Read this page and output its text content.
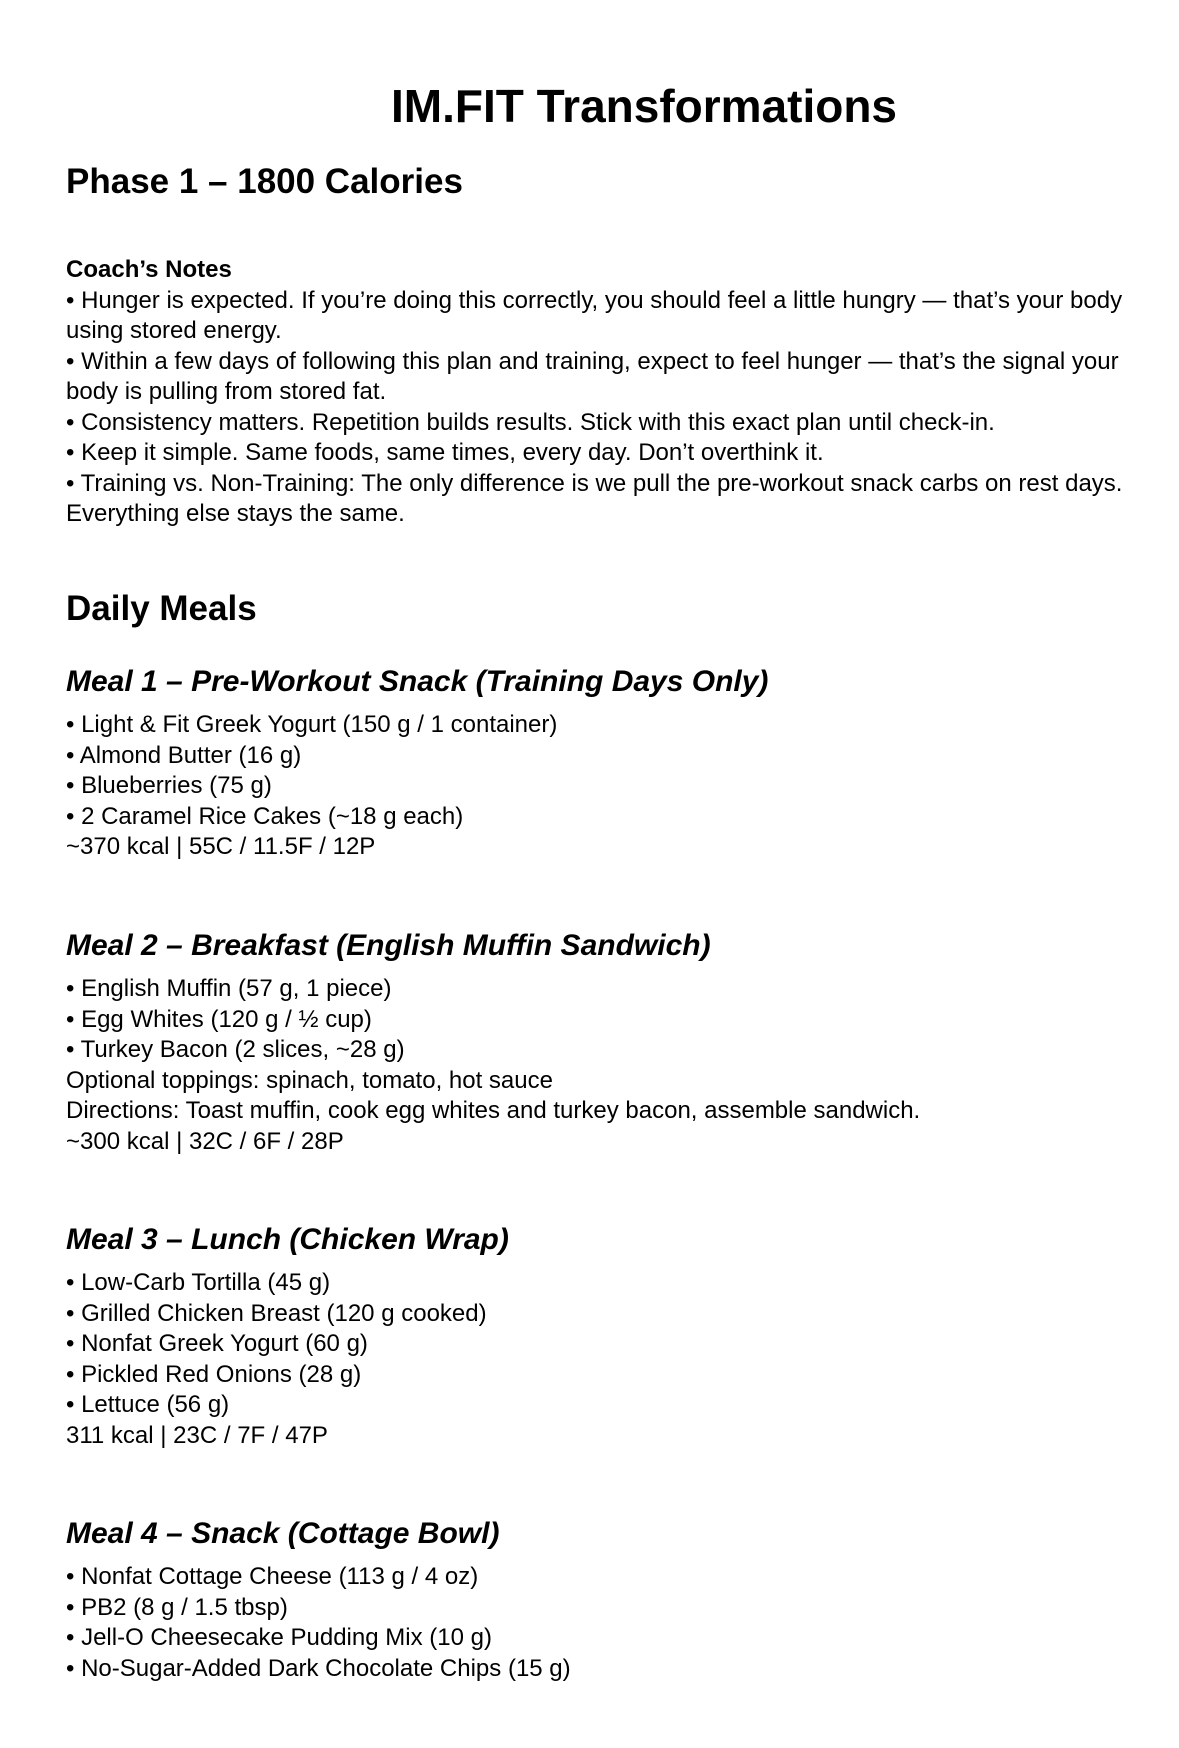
IM.FIT Transformations
Phase 1 – 1800 Calories

Coach’s Notes

• Hunger is expected. If you’re doing this correctly, you should feel a little hungry — that’s your body

using stored energy.

• Within a few days of following this plan and training, expect to feel hunger — that’s the signal your

body is pulling from stored fat.

• Consistency matters. Repetition builds results. Stick with this exact plan until check-in.

• Keep it simple. Same foods, same times, every day. Don’t overthink it.

• Training vs. Non-Training: The only difference is we pull the pre-workout snack carbs on rest days.

Everything else stays the same.

Daily Meals
Meal 1 – Pre-Workout Snack (Training Days Only)

• Light & Fit Greek Yogurt (150 g / 1 container)

• Almond Butter (16 g)

• Blueberries (75 g)

• 2 Caramel Rice Cakes (~18 g each)

~370 kcal | 55C / 11.5F / 12P

Meal 2 – Breakfast (English Muffin Sandwich)

• English Muffin (57 g, 1 piece)

• Egg Whites (120 g / ½ cup)

• Turkey Bacon (2 slices, ~28 g)

Optional toppings: spinach, tomato, hot sauce

Directions: Toast muffin, cook egg whites and turkey bacon, assemble sandwich.

~300 kcal | 32C / 6F / 28P

Meal 3 – Lunch (Chicken Wrap)

• Low-Carb Tortilla (45 g)

• Grilled Chicken Breast (120 g cooked)

• Nonfat Greek Yogurt (60 g)

• Pickled Red Onions (28 g)

• Lettuce (56 g)

311 kcal | 23C / 7F / 47P

Meal 4 – Snack (Cottage Bowl)

• Nonfat Cottage Cheese (113 g / 4 oz)

• PB2 (8 g / 1.5 tbsp)

• Jell-O Cheesecake Pudding Mix (10 g)

• No-Sugar-Added Dark Chocolate Chips (15 g)
